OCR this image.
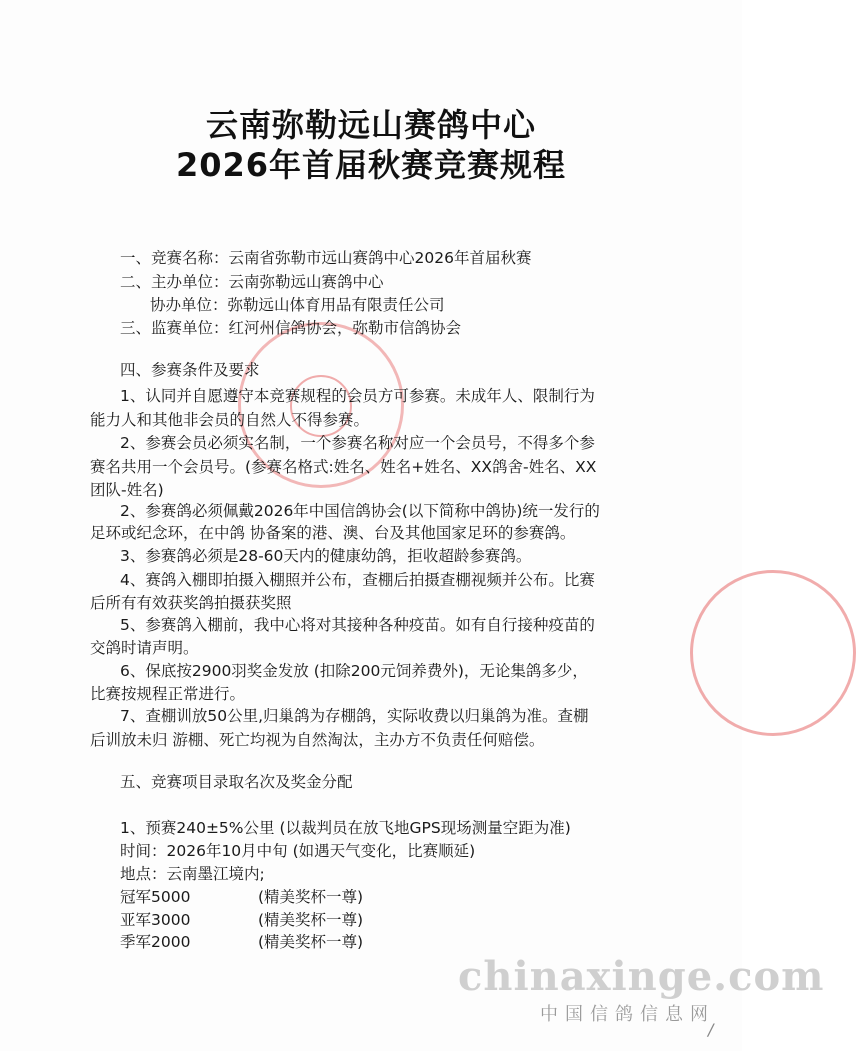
云南弥勒远山赛鸽中心
2026年首届秋赛竞赛规程
一、竞赛名称：云南省弥勒市远山赛鸽中心2026年首届秋赛
二、主办单位：云南弥勒远山赛鸽中心
协办单位：弥勒远山体育用品有限责任公司
三、监赛单位：红河州信鸽协会，弥勒市信鸽协会
四、参赛条件及要求
1、认同并自愿遵守本竞赛规程的会员方可参赛。未成年人、限制行为
能力人和其他非会员的自然人不得参赛。
2、参赛会员必须实名制，一个参赛名称对应一个会员号，不得多个参
赛名共用一个会员号。(参赛名格式:姓名、姓名+姓名、XX鸽舍-姓名、XX
团队-姓名)
2、参赛鸽必须佩戴2026年中国信鸽协会(以下简称中鸽协)统一发行的
足环或纪念环，在中鸽 协备案的港、澳、台及其他国家足环的参赛鸽。
3、参赛鸽必须是28-60天内的健康幼鸽，拒收超龄参赛鸽。
4、赛鸽入棚即拍摄入棚照并公布，查棚后拍摄查棚视频并公布。比赛
后所有有效获奖鸽拍摄获奖照
5、参赛鸽入棚前，我中心将对其接种各种疫苗。如有自行接种疫苗的
交鸽时请声明。
6、保底按2900羽奖金发放 (扣除200元饲养费外)，无论集鸽多少，
比赛按规程正常进行。
7、查棚训放50公里,归巢鸽为存棚鸽，实际收费以归巢鸽为准。查棚
后训放未归 游棚、死亡均视为自然淘汰，主办方不负责任何赔偿。
五、竞赛项目录取名次及奖金分配
1、预赛240±5%公里 (以裁判员在放飞地GPS现场测量空距为准)
时间：2026年10月中旬 (如遇天气变化，比赛顺延)
地点：云南墨江境内;
冠军5000	(精美奖杯一尊)
亚军3000	(精美奖杯一尊)
季军2000	(精美奖杯一尊)
chinaxinge.com
中国信鸽信息网
/
